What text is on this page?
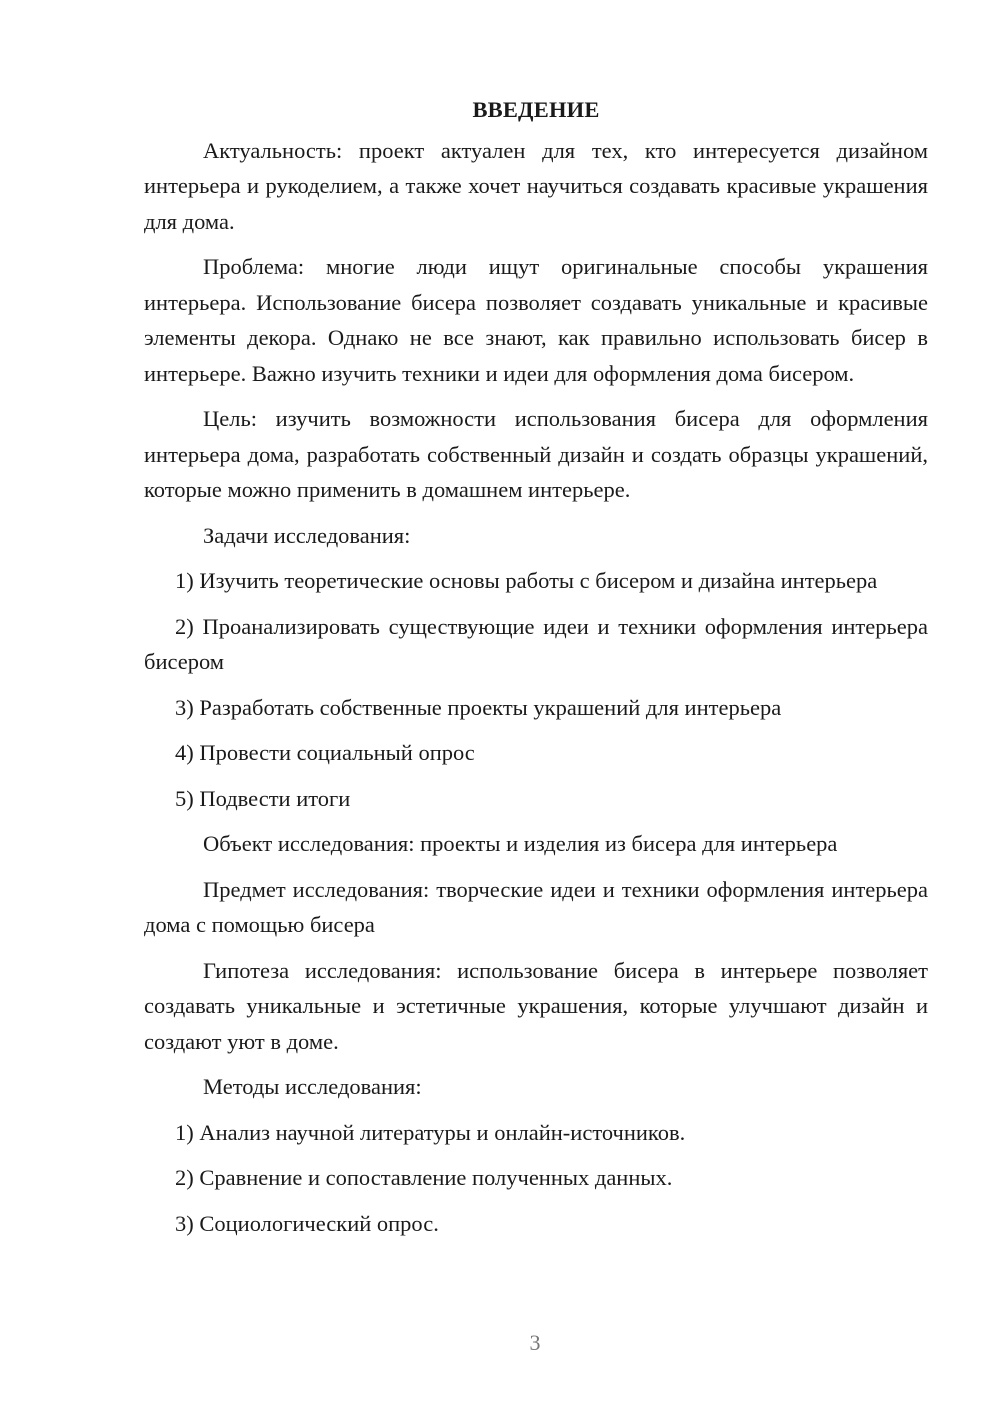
ВВЕДЕНИЕ

Актуальность: проект актуален для тех, кто интересуется дизайном интерьера и рукоделием, а также хочет научиться создавать красивые украшения для дома.

Проблема: многие люди ищут оригинальные способы украшения интерьера. Использование бисера позволяет создавать уникальные и красивые элементы декора. Однако не все знают, как правильно использовать бисер в интерьере. Важно изучить техники и идеи для оформления дома бисером.

Цель: изучить возможности использования бисера для оформления интерьера дома, разработать собственный дизайн и создать образцы украшений, которые можно применить в домашнем интерьере.

Задачи исследования:

1) Изучить теоретические основы работы с бисером и дизайна интерьера

2) Проанализировать существующие идеи и техники оформления интерьера бисером

3) Разработать собственные проекты украшений для интерьера

4) Провести социальный опрос

5) Подвести итоги

Объект исследования: проекты и изделия из бисера для интерьера

Предмет исследования: творческие идеи и техники оформления интерьера дома с помощью бисера

Гипотеза исследования: использование бисера в интерьере позволяет создавать уникальные и эстетичные украшения, которые улучшают дизайн и создают уют в доме.

Методы исследования:

1) Анализ научной литературы и онлайн-источников.

2) Сравнение и сопоставление полученных данных.

3) Социологический опрос.

3
